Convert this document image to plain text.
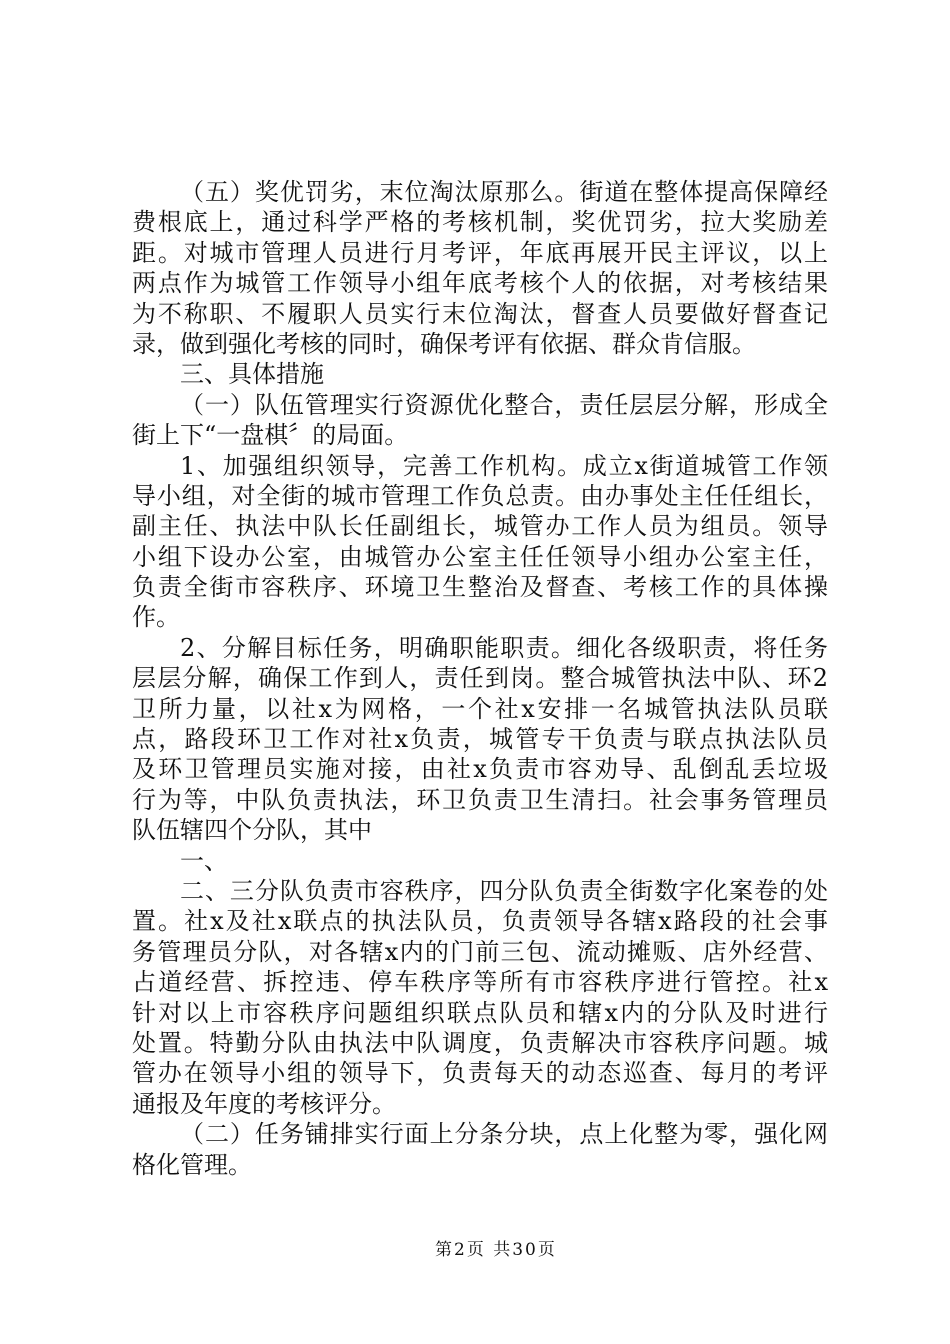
（五）奖优罚劣，末位淘汰原那么。街道在整体提高保障经
费根底上，通过科学严格的考核机制，奖优罚劣，拉大奖励差
距。对城市管理人员进行月考评，年底再展开民主评议，以上
两点作为城管工作领导小组年底考核个人的依据，对考核结果
为不称职、不履职人员实行末位淘汰，督查人员要做好督查记
录，做到强化考核的同时，确保考评有依据、群众肯信服。
三、具体措施
（一）队伍管理实行资源优化整合，责任层层分解，形成全
街上下“一盘棋〞的局面。
1、加强组织领导，完善工作机构。成立x街道城管工作领
导小组，对全街的城市管理工作负总责。由办事处主任任组长，
副主任、执法中队长任副组长，城管办工作人员为组员。领导
小组下设办公室，由城管办公室主任任领导小组办公室主任，
负责全街市容秩序、环境卫生整治及督查、考核工作的具体操
作。
2、分解目标任务，明确职能职责。细化各级职责，将任务
层层分解，确保工作到人，责任到岗。整合城管执法中队、环2
卫所力量，以社x为网格，一个社x安排一名城管执法队员联
点，路段环卫工作对社x负责，城管专干负责与联点执法队员
及环卫管理员实施对接，由社x负责市容劝导、乱倒乱丢垃圾
行为等，中队负责执法，环卫负责卫生清扫。社会事务管理员
队伍辖四个分队，其中
一、
二、三分队负责市容秩序，四分队负责全街数字化案卷的处
置。社x及社x联点的执法队员，负责领导各辖x路段的社会事
务管理员分队，对各辖x内的门前三包、流动摊贩、店外经营、
占道经营、拆控违、停车秩序等所有市容秩序进行管控。社x
针对以上市容秩序问题组织联点队员和辖x内的分队及时进行
处置。特勤分队由执法中队调度，负责解决市容秩序问题。城
管办在领导小组的领导下，负责每天的动态巡查、每月的考评
通报及年度的考核评分。
（二）任务铺排实行面上分条分块，点上化整为零，强化网
格化管理。
第2页 共30页
